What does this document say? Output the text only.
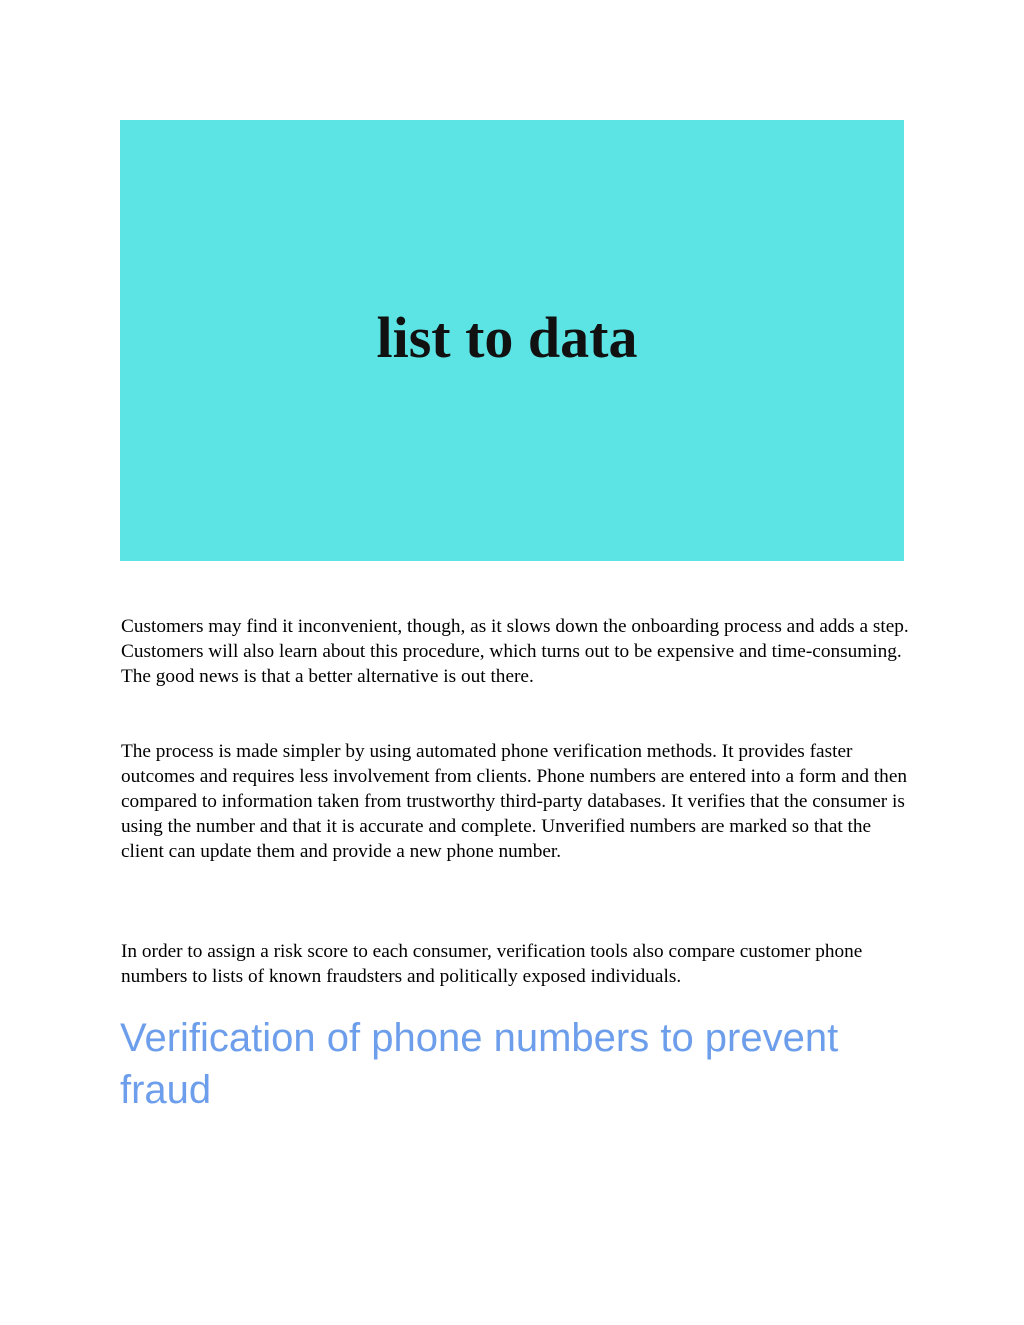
list to data

Customers may find it inconvenient, though, as it slows down the onboarding process and adds a step. Customers will also learn about this procedure, which turns out to be expensive and time-consuming. The good news is that a better alternative is out there.

The process is made simpler by using automated phone verification methods. It provides faster outcomes and requires less involvement from clients. Phone numbers are entered into a form and then compared to information taken from trustworthy third-party databases. It verifies that the consumer is using the number and that it is accurate and complete. Unverified numbers are marked so that the client can update them and provide a new phone number.

In order to assign a risk score to each consumer, verification tools also compare customer phone numbers to lists of known fraudsters and politically exposed individuals.

Verification of phone numbers to prevent fraud
